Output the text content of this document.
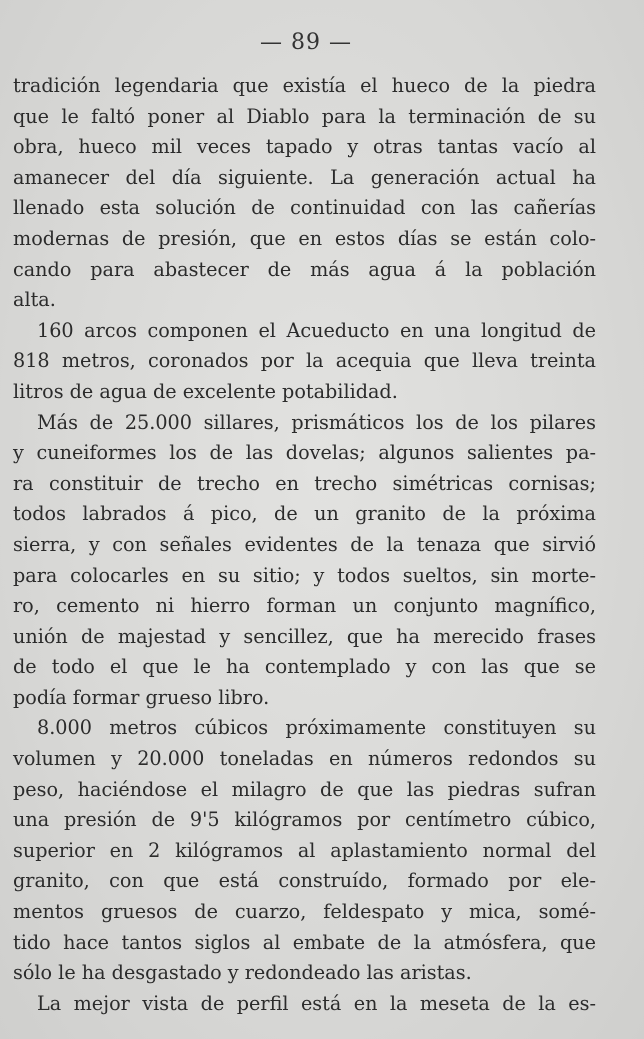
— 89 —
tradición legendaria que existía el hueco de la piedra
que le faltó poner al Diablo para la terminación de su
obra, hueco mil veces tapado y otras tantas vacío al
amanecer del día siguiente. La generación actual ha
llenado esta solución de continuidad con las cañerías
modernas de presión, que en estos días se están colo-
cando para abastecer de más agua á la población
alta.
160 arcos componen el Acueducto en una longitud de
818 metros, coronados por la acequia que lleva treinta
litros de agua de excelente potabilidad.
Más de 25.000 sillares, prismáticos los de los pilares
y cuneiformes los de las dovelas; algunos salientes pa-
ra constituir de trecho en trecho simétricas cornisas;
todos labrados á pico, de un granito de la próxima
sierra, y con señales evidentes de la tenaza que sirvió
para colocarles en su sitio; y todos sueltos, sin morte-
ro, cemento ni hierro forman un conjunto magnífico,
unión de majestad y sencillez, que ha merecido frases
de todo el que le ha contemplado y con las que se
podía formar grueso libro.
8.000 metros cúbicos próximamente constituyen su
volumen y 20.000 toneladas en números redondos su
peso, haciéndose el milagro de que las piedras sufran
una presión de 9'5 kilógramos por centímetro cúbico,
superior en 2 kilógramos al aplastamiento normal del
granito, con que está construído, formado por ele-
mentos gruesos de cuarzo, feldespato y mica, somé-
tido hace tantos siglos al embate de la atmósfera, que
sólo le ha desgastado y redondeado las aristas.
La mejor vista de perfil está en la meseta de la es-
